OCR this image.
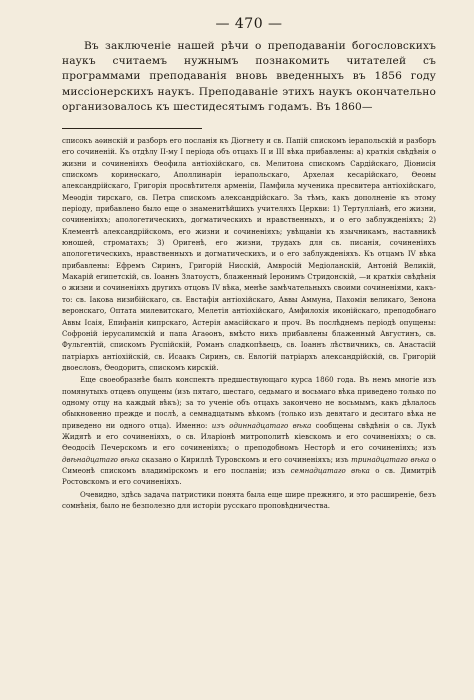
— 470 —

Въ заключеніе нашей рѣчи о преподаваніи богословскихъ наукъ считаемъ нужнымъ познакомить читателей съ программами преподаванія вновь введенныхъ въ 1856 году миссіонерскихъ наукъ. Преподаваніе этихъ наукъ окончательно организовалось къ шестидесятымъ годамъ. Въ 1860—

списокъ аѳинскій и разборъ его посланія къ Діогнету и св. Папій спискомъ іерапольскій и разборъ его сочиненій. Къ отдѣлу II-му I періода объ отцахъ II и III вѣка прибавлены: а) краткія свѣдѣнія о жизни и сочиненіяхъ Ѳеофила антіохійскаго, св. Мелитона спискомъ Сардійскаго, Діонисія спискомъ коринѳскаго, Аполлинарія іерапольскаго, Архелая кесарійскаго, Ѳеоны александрійскаго, Григорія просвѣтителя арменіи, Памфила мученика пресвитера антіохійскаго, Меѳодія тирскаго, св. Петра спискомъ александрійскаго. За тѣмъ, какъ дополненіе къ этому періоду, прибавлено было еще о знаменитѣйшихъ учителяхъ Церкви: 1) Тертулліанѣ, его жизни, сочиненіяхъ; апологетическихъ, догматическихъ и нравственныхъ, и о его заблужденіяхъ; 2) Клементѣ александрійскомъ, его жизни и сочиненіяхъ; увѣщаніи къ язычникамъ, наставникѣ юношей, строматахъ; 3) Оригенѣ, его жизни, трудахъ для св. писанія, сочиненіяхъ апологетическихъ, нравственныхъ и догматическихъ, и о его заблужденіяхъ. Къ отцамъ IV вѣка прибавлены: Ефремъ Сиринъ, Григорій Нисскій, Амвросій Медіоланскій, Антоній Великій, Макарій египетскій, св. Іоаннъ Златоустъ, блаженный Іеронимъ Стридонскій, —и краткія свѣдѣнія о жизни и сочиненіяхъ другихъ отцовъ IV вѣка, менѣе замѣчательныхъ своими сочиненіями, какъ-то: св. Іакова низибійскаго, св. Евстафія антіохійскаго, Аввы Аммуна, Пахомія великаго, Зенона веронскаго, Оптата милевитскаго, Мелетія антіохійскаго, Амфилохія иконійскаго, преподобнаго Аввы Ісаія, Епифанія кипрскаго, Астерія амасійскаго и проч. Въ послѣднемъ періодѣ опущены: Софроній іерусалимскій и папа Агаѳонъ, вмѣсто нихъ прибавлены блаженный Августинъ, св. Фульгентій, спискомъ Руспійскій, Романъ сладкопѣвецъ, св. Іоаннъ лѣствичникъ, св. Анастасій патріархъ антіохійскій, св. Исаакъ Сиринъ, св. Евлогій патріархъ александрійскій, св. Григорій двоесловъ, Ѳеодоритъ, спискомъ кирскій.

Еще своеобразнѣе былъ конспектъ предшествующаго курса 1860 года. Въ немъ многіе изъ помянутыхъ отцевъ опущены (изъ пятаго, шестаго, седьмаго и восьмаго вѣка приведено только по одному отцу на каждый вѣкъ); за то ученіе объ отцахъ закончено не восьмымъ, какъ дѣлалось обыкновенно прежде и послѣ, а семнадцатымъ вѣкомъ (только изъ девятаго и десятаго вѣка не приведено ни одного отца). Именно: изъ одиннадцатаго вѣка сообщены свѣдѣнія о св. Лукѣ Жидятѣ и его сочиненіяхъ, о св. Иларіонѣ митрополитѣ кіевскомъ и его сочиненіяхъ; о св. Ѳеодосіѣ Печерскомъ и его сочиненіяхъ; о преподобномъ Несторѣ и его сочиненіяхъ; изъ двѣнадцатаго вѣка сказано о Кириллѣ Туровскомъ и его сочиненіяхъ; изъ тринадцатаго вѣка о Симеонѣ спискомъ владимірскомъ и его посланіи; изъ семнадцатаго вѣка о св. Димитріѣ Ростовскомъ и его сочиненіяхъ.

Очевидно, здѣсь задача патристики понята была еще шире прежняго, и это расширеніе, безъ сомнѣнія, было не безполезно для исторіи русскаго проповѣдничества.
